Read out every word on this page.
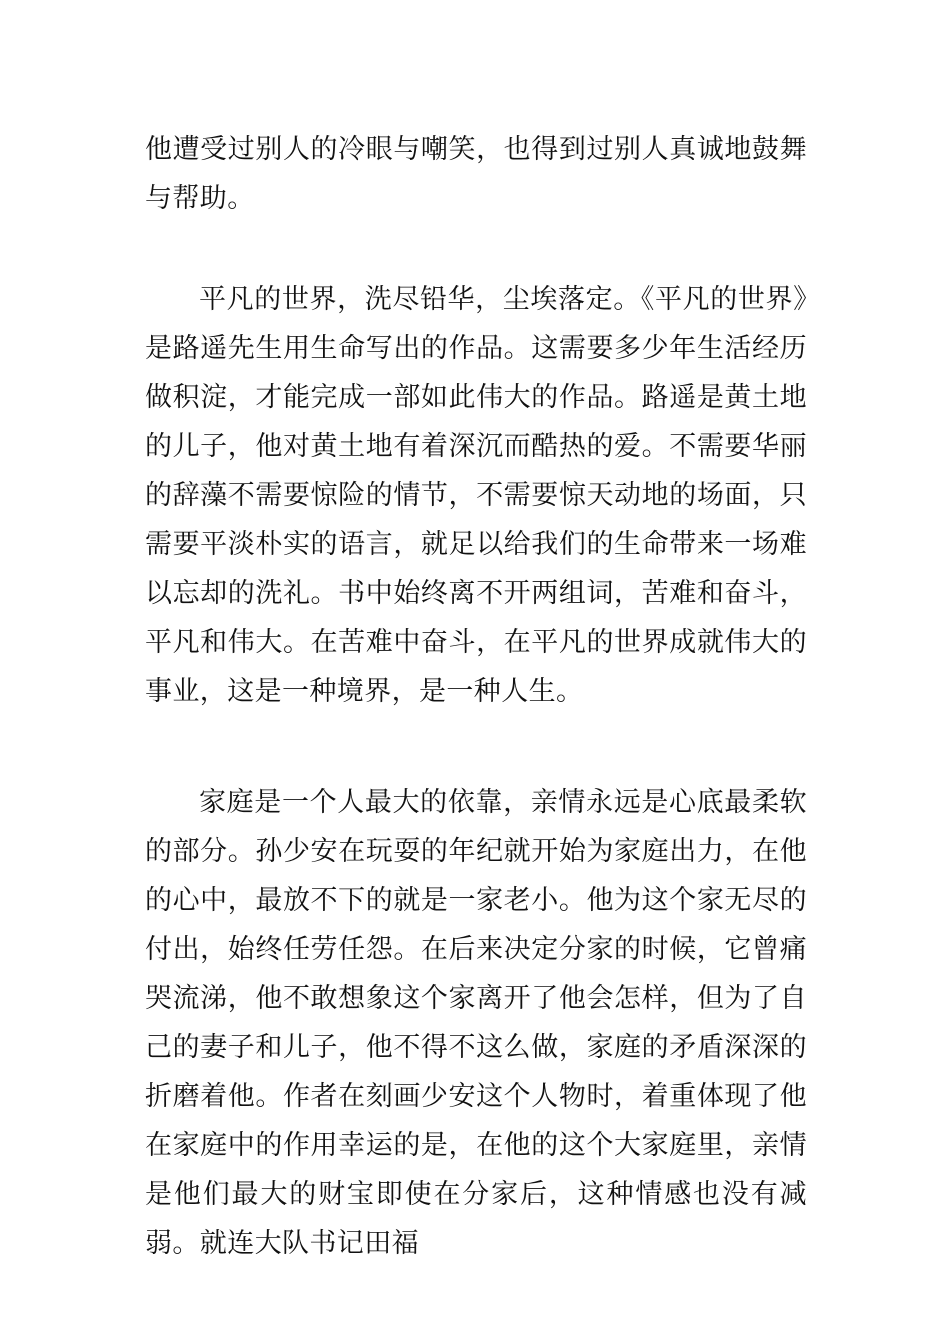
他遭受过别人的冷眼与嘲笑，也得到过别人真诚地鼓舞与帮助。

平凡的世界，洗尽铅华，尘埃落定。《平凡的世界》是路遥先生用生命写出的作品。这需要多少年生活经历做积淀，才能完成一部如此伟大的作品。路遥是黄土地的儿子，他对黄土地有着深沉而酷热的爱。不需要华丽的辞藻不需要惊险的情节，不需要惊天动地的场面，只需要平淡朴实的语言，就足以给我们的生命带来一场难以忘却的洗礼。书中始终离不开两组词，苦难和奋斗，平凡和伟大。在苦难中奋斗，在平凡的世界成就伟大的事业，这是一种境界，是一种人生。

家庭是一个人最大的依靠，亲情永远是心底最柔软的部分。孙少安在玩耍的年纪就开始为家庭出力，在他的心中，最放不下的就是一家老小。他为这个家无尽的付出，始终任劳任怨。在后来决定分家的时候，它曾痛哭流涕，他不敢想象这个家离开了他会怎样，但为了自己的妻子和儿子，他不得不这么做，家庭的矛盾深深的折磨着他。作者在刻画少安这个人物时，着重体现了他在家庭中的作用幸运的是，在他的这个大家庭里，亲情是他们最大的财宝即使在分家后，这种情感也没有减弱。就连大队书记田福
